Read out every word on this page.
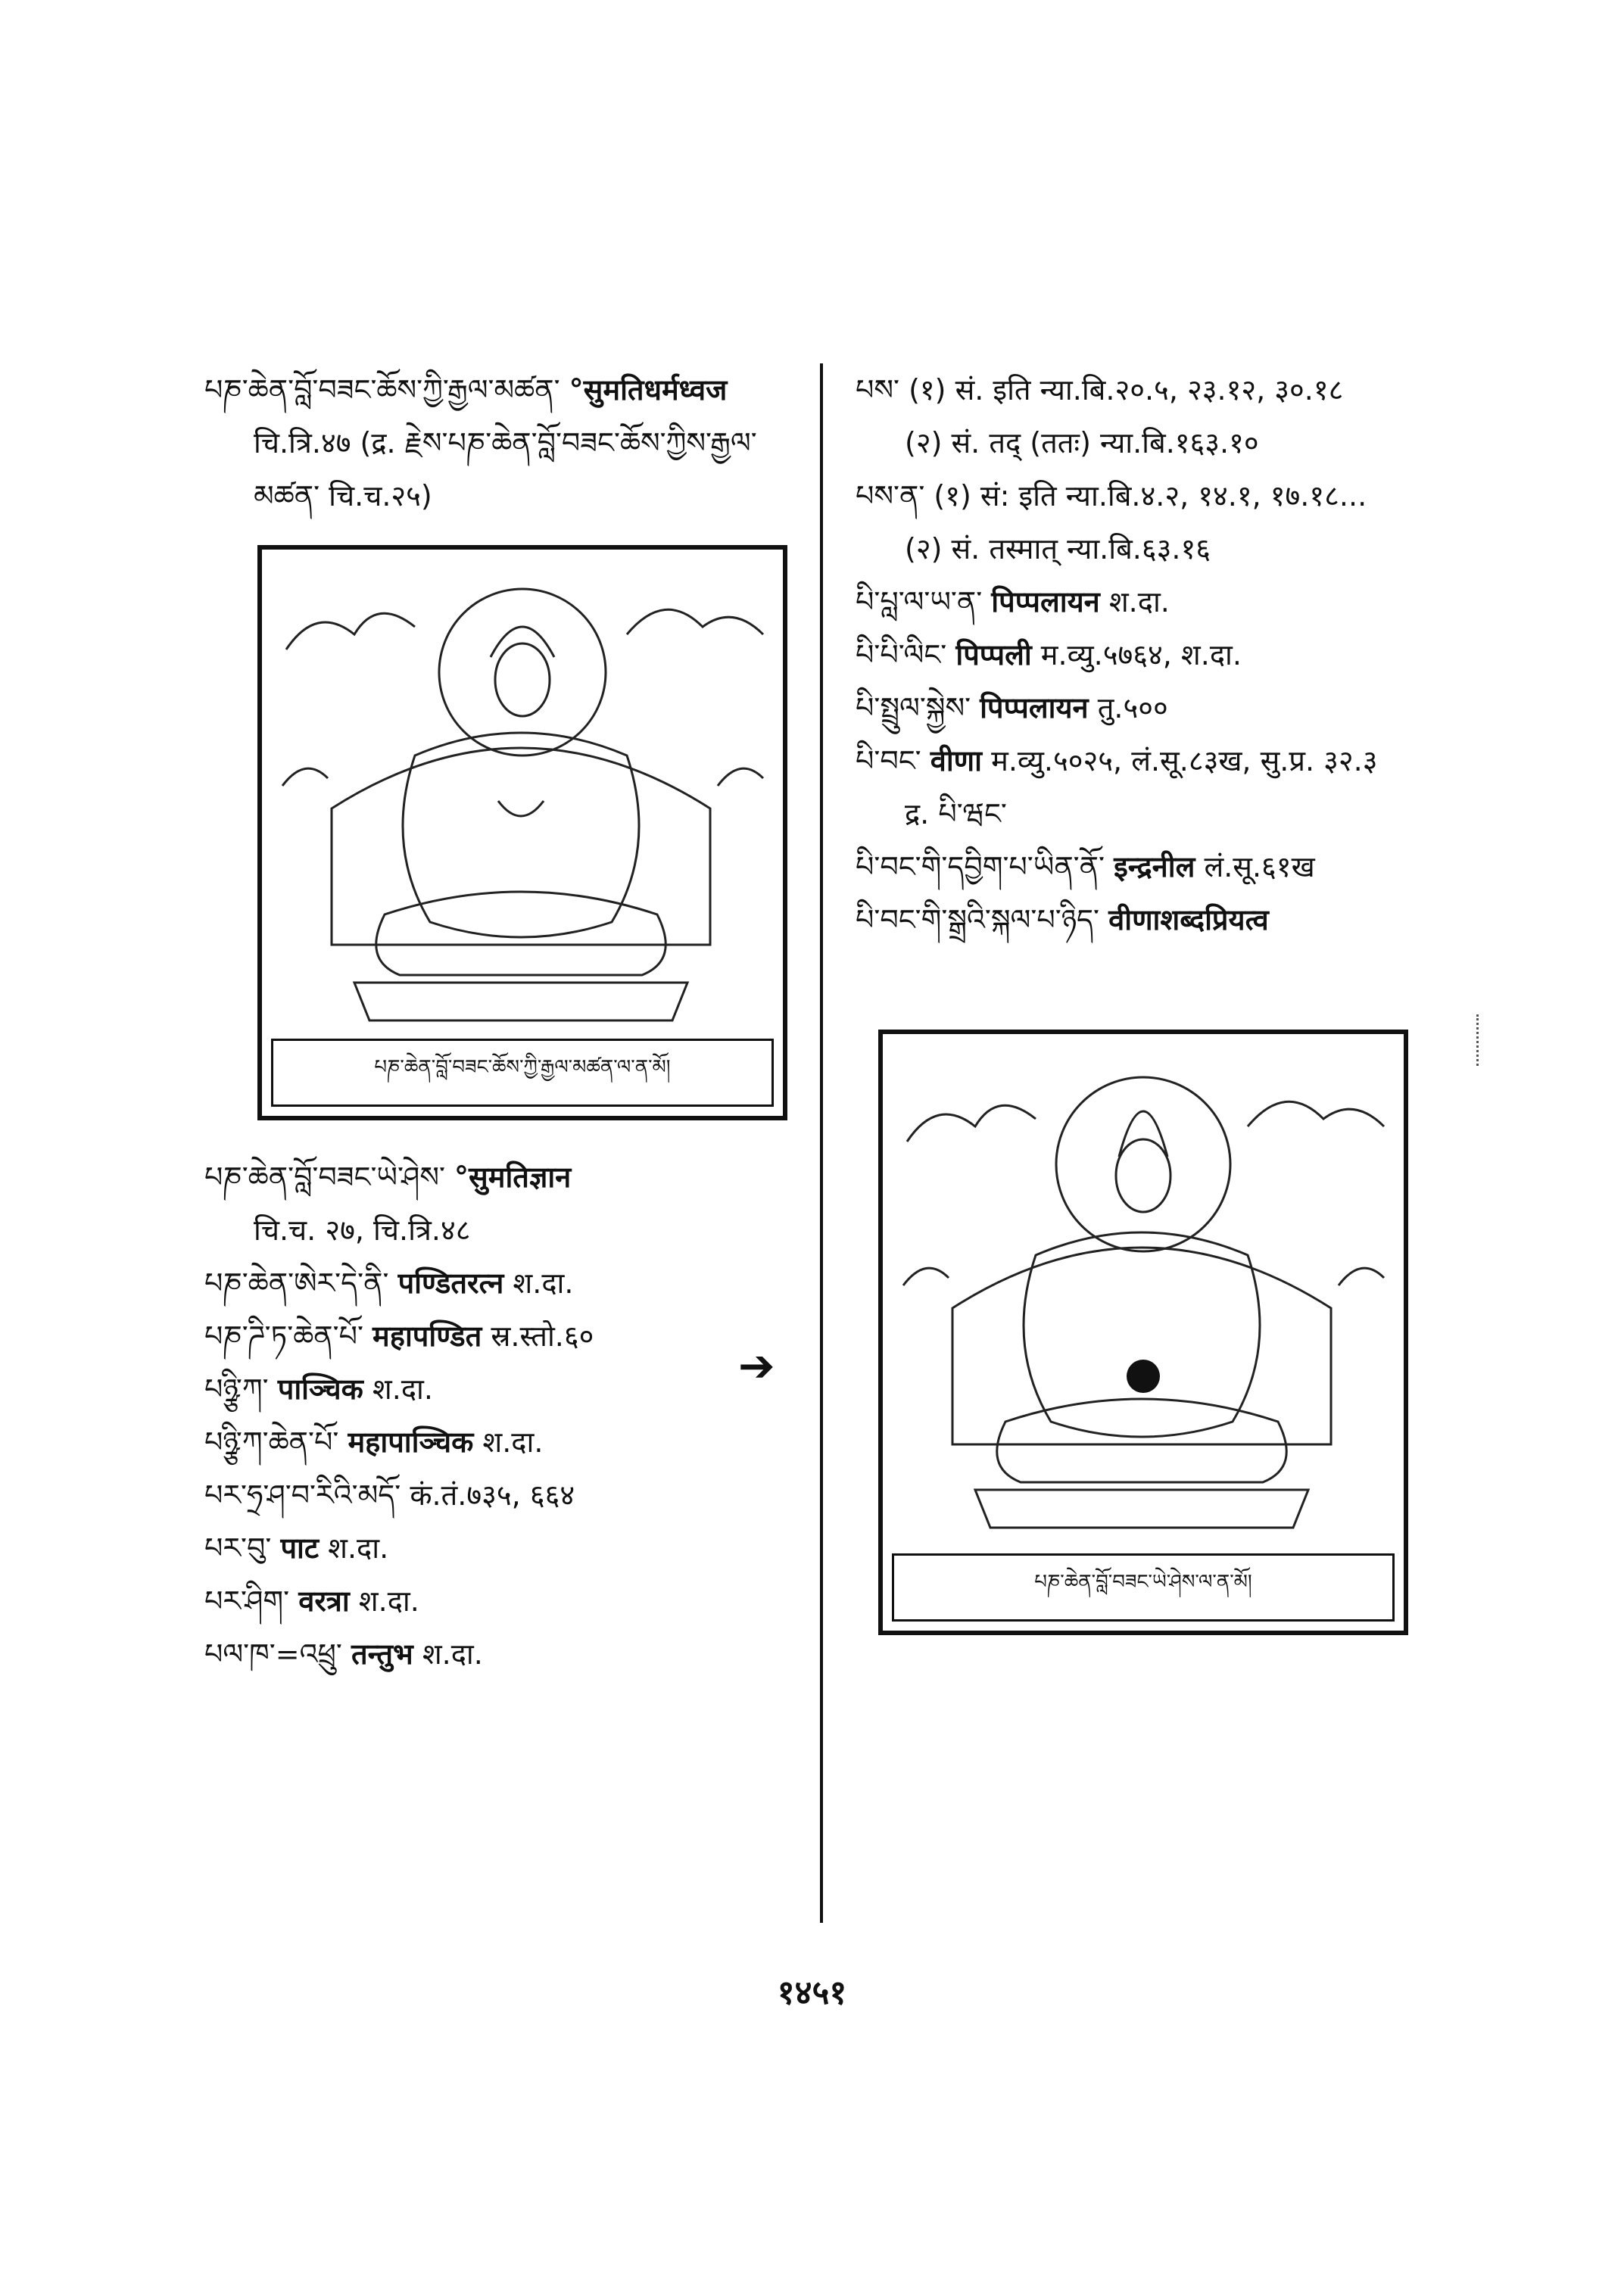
པཎ་ཆེན་བློ་བཟང་ཆོས་ཀྱི་རྒྱལ་མཚན་ °सुमतिधर्मध्वज
चि.त्रि.४७ (द्र. རྗེས་པཎ་ཆེན་བློ་བཟང་ཆོས་ཀྱིས་རྒྱལ་མཚན་ चि.च.२५)
པཎ་ཆེན་བློ་བཟང་ཆོས་ཀྱི་རྒྱལ་མཚན་ལ་ན་མོ།
པཎ་ཆེན་བློ་བཟང་ཡེ་ཤེས་ °सुमतिज्ञान
चि.च. २७, चि.त्रि.४८
པཎ་ཆེན་ཨེར་དེ་ནི་ पण्डितरत्न श.दा.
པཎ་ཌི་ཏ་ཆེན་པོ་ महापण्डित स्र.स्तो.६०
པཉྩི་ཀ་ पाञ्चिक श.दा.
པཉྩི་ཀ་ཆེན་པོ་ महापाञ्चिक श.दा.
པར་ཧྲ་ཤ་བ་རིའི་མདོ་ कं.तं.७३५, ६६४
པར་བུ་ पाट श.दा.
པར་ཤིག་ वरत्रा श.दा.
པལ་ཁ་=འཕྲུ་ तन्तुभ श.दा.
➔
པས་ (१) सं. इति न्या.बि.२०.५, २३.१२, ३०.१८
(२) सं. तद् (ततः) न्या.बि.१६३.१०
པས་ན་ (१) सं: इति न्या.बि.४.२, १४.१, १७.१८...
(२) सं. तस्मात् न्या.बि.६३.१६
པི་པླ་ལ་ཡ་ན་ पिप्पलायन श.दा.
པི་པི་ལིང་ पिप्पली म.व्यु.५७६४, श.दा.
པི་སྤྲུལ་སྐྱེས་ पिप्पलायन तु.५००
པི་བང་ वीणा म.व्यु.५०२५, लं.सू.८३ख, सु.प्र. ३२.३
द्र. པི་ཝང་
པི་བང་གི་དབྱིག་པ་ཡིན་ནོ་ इन्द्रनील लं.सू.६१ख
པི་བང་གི་སྒྲའི་སྐལ་པ་ཉིད་ वीणाशब्दप्रियत्व
པཎ་ཆེན་བློ་བཟང་ཡེ་ཤེས་ལ་ན་མོ།
१४५१
